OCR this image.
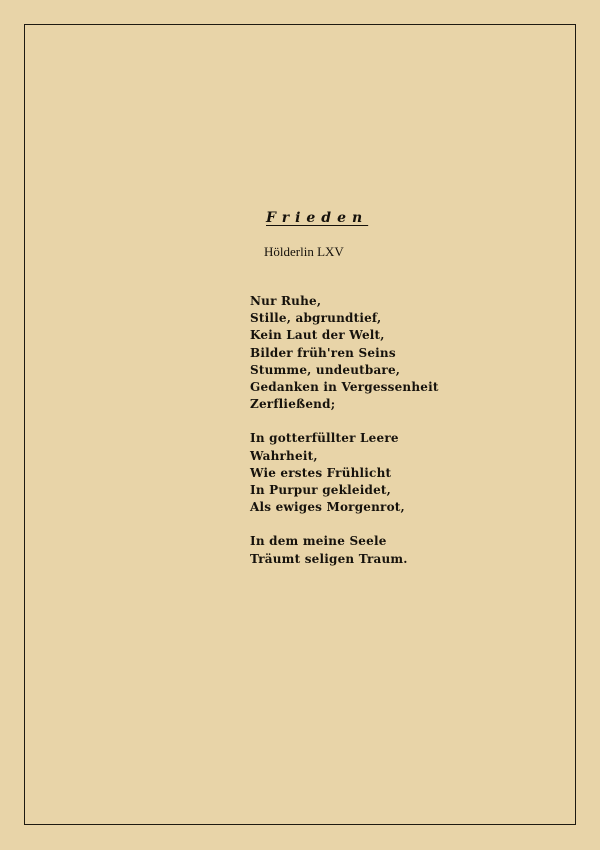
Frieden
Hölderlin LXV
Nur Ruhe,
Stille, abgrundtief,
Kein Laut der Welt,
Bilder früh'ren Seins
Stumme, undeutbare,
Gedanken in Vergessenheit
Zerfließend;
In gotterfüllter Leere
Wahrheit,
Wie erstes Frühlicht
In Purpur gekleidet,
Als ewiges Morgenrot,
In dem meine Seele
Träumt seligen Traum.
